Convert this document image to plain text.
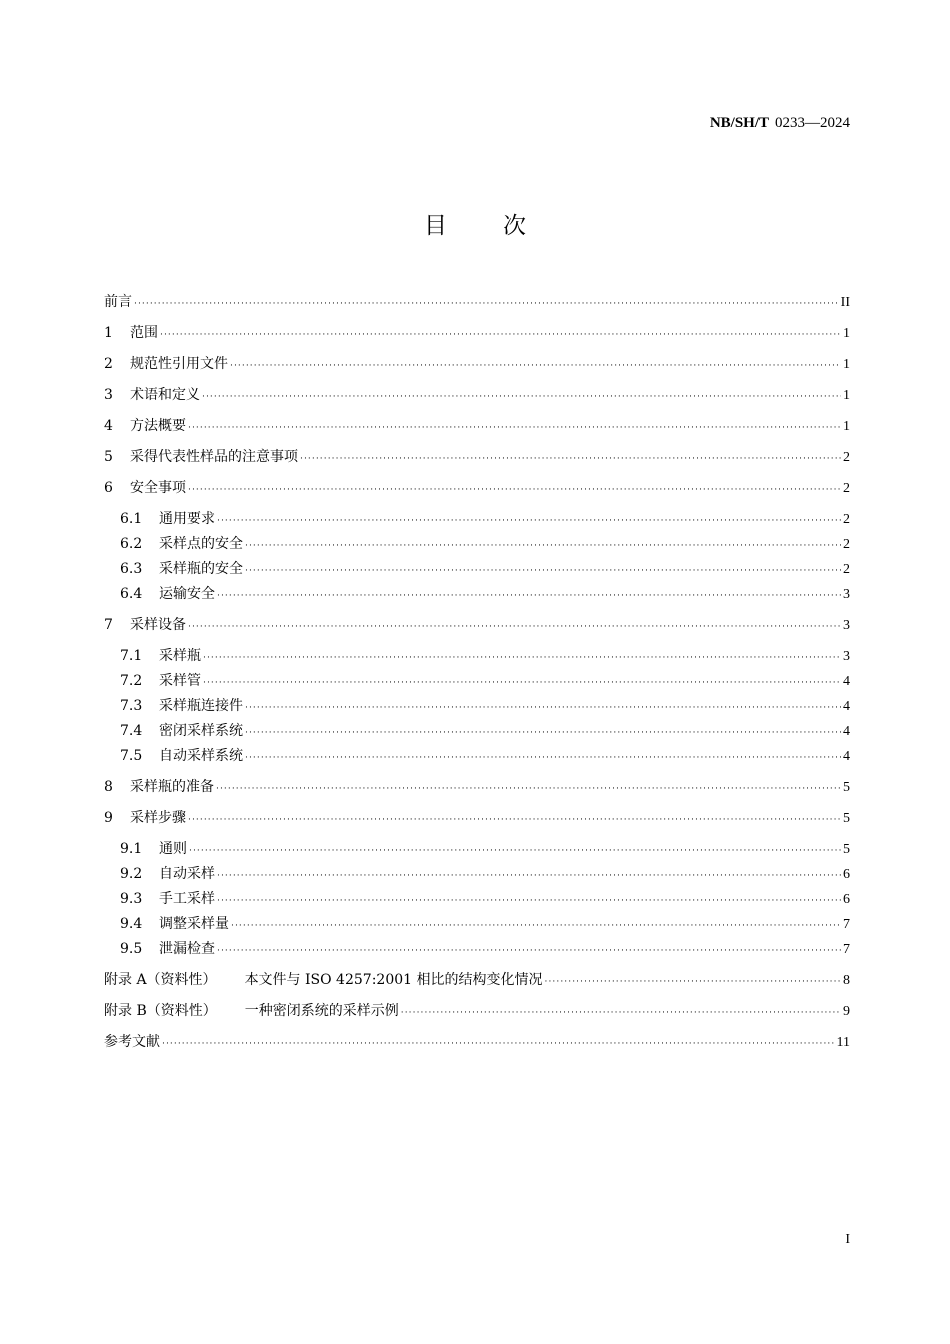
NB/SH/T 0233—2024
目 次
前言 ·····	II
1	范围 ·····	1
2	规范性引用文件 ·····	1
3	术语和定义 ·····	1
4	方法概要 ·····	1
5	采得代表性样品的注意事项 ·····	2
6	安全事项 ·····	2
6.1	通用要求 ·····	2
6.2	采样点的安全 ·····	2
6.3	采样瓶的安全 ·····	2
6.4	运输安全 ·····	3
7	采样设备 ·····	3
7.1	采样瓶 ·····	3
7.2	采样管 ·····	4
7.3	采样瓶连接件 ·····	4
7.4	密闭采样系统 ·····	4
7.5	自动采样系统 ·····	4
8	采样瓶的准备 ·····	5
9	采样步骤 ·····	5
9.1	通则 ·····	5
9.2	自动采样 ·····	6
9.3	手工采样 ·····	6
9.4	调整采样量 ·····	7
9.5	泄漏检查 ·····	7
附录 A（资料性） 本文件与 ISO 4257:2001 相比的结构变化情况 ·····	8
附录 B（资料性） 一种密闭系统的采样示例 ·····	9
参考文献 ·····	11
I
